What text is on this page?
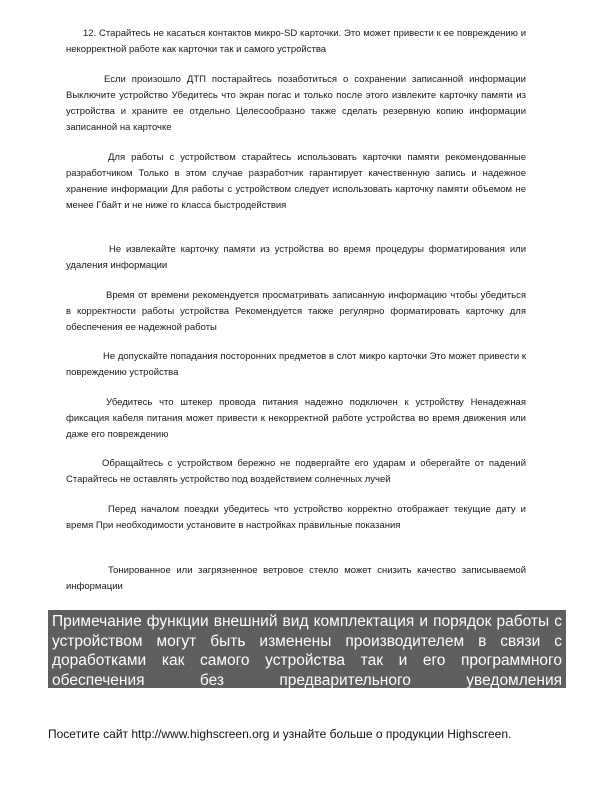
12. Старайтесь не касаться контактов микро-SD карточки. Это может привести к ее повреждению и некорректной работе как карточки так и самого устройства

Если произошло ДТП постарайтесь позаботиться о сохранении записанной информации Выключите устройство Убедитесь что экран погас и только после этого извлеките карточку памяти из устройства и храните ее отдельно Целесообразно также сделать резервную копию информации записанной на карточке

Для работы с устройством старайтесь использовать карточки памяти рекомендованные разработчиком Только в этом случае разработчик гарантирует качественную запись и надежное хранение информации Для работы с устройством следует использовать карточку памяти объемом не менее Гбайт и не ниже го класса быстродействия

Не извлекайте карточку памяти из устройства во время процедуры форматирования или удаления информации

Время от времени рекомендуется просматривать записанную информацию чтобы убедиться в корректности работы устройства Рекомендуется также регулярно форматировать карточку для обеспечения ее надежной работы

Не допускайте попадания посторонних предметов в слот микро карточки Это может привести к повреждению устройства

Убедитесь что штекер провода питания надежно подключен к устройству Ненадежная фиксация кабеля питания может привести к некорректной работе устройства во время движения или даже его повреждению

Обращайтесь с устройством бережно не подвергайте его ударам и оберегайте от падений Старайтесь не оставлять устройство под воздействием солнечных лучей

Перед началом поездки убедитесь что устройство корректно отображает текущие дату и время При необходимости установите в настройках правильные показания

Тонированное или загрязненное ветровое стекло может снизить качество записываемой информации

Примечание функции внешний вид комплектация и порядок работы с устройством могут быть изменены производителем в связи с доработками как самого устройства так и его программного обеспечения без предварительного уведомления
Посетите сайт http://www.highscreen.org и узнайте больше о продукции Highscreen.
